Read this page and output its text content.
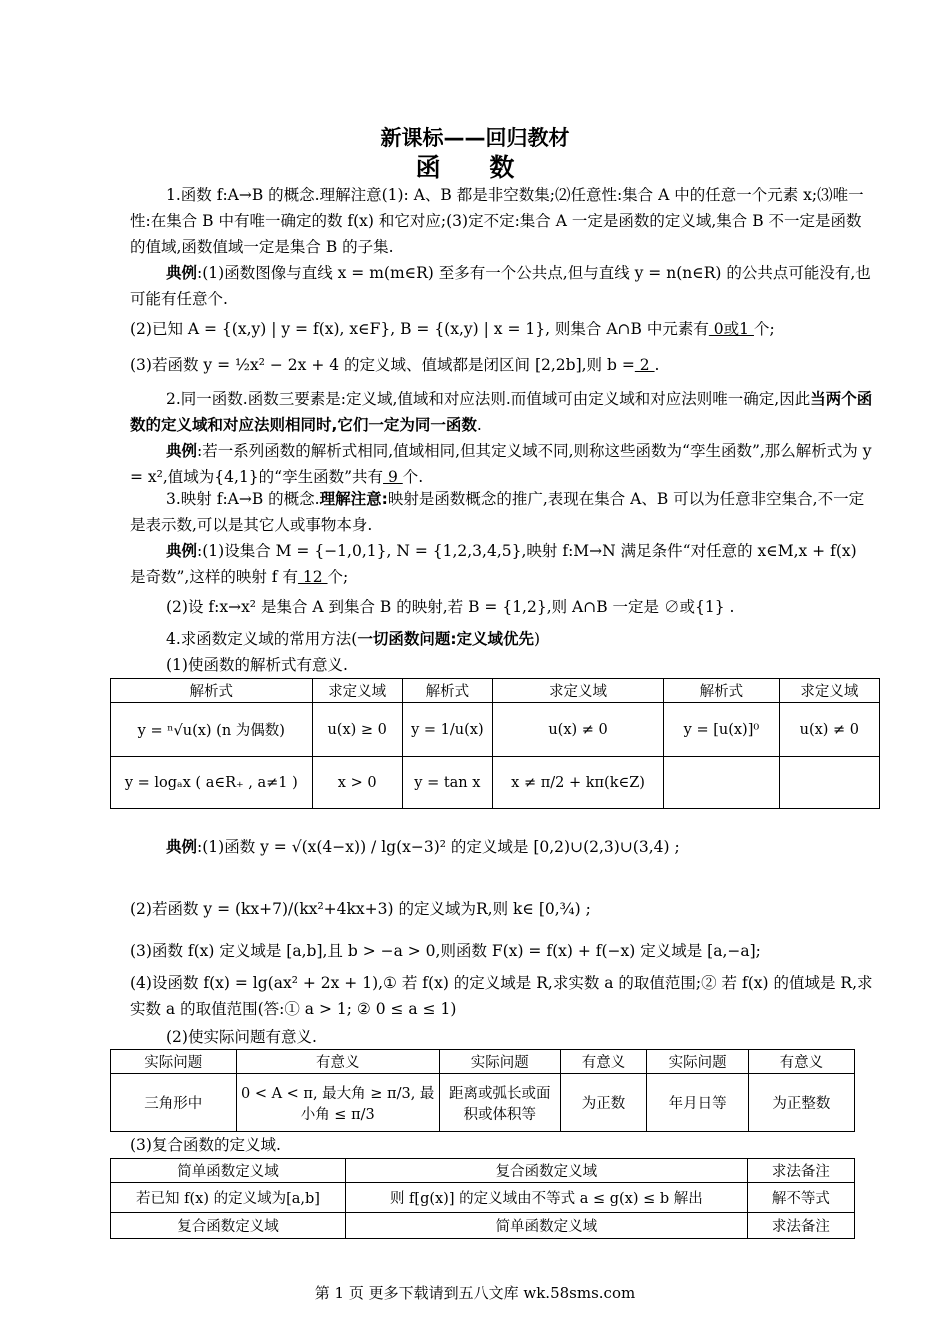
新课标——回归教材
函 数

1.函数 f:A→B 的概念.理解注意(1): A、B 都是非空数集;⑵任意性:集合 A 中的任意一个元素 x;⑶唯一性:在集合 B 中有唯一确定的数 f(x) 和它对应;(3)定不定:集合 A 一定是函数的定义域,集合 B 不一定是函数的值域,函数值域一定是集合 B 的子集.

典例:(1)函数图像与直线 x = m(m∈R) 至多有一个公共点,但与直线 y = n(n∈R) 的公共点可能没有,也可能有任意个.

(2)已知 A = {(x,y) | y = f(x), x∈F}, B = {(x,y) | x = 1}, 则集合 A∩B 中元素有 0或1 个;

(3)若函数 y = ½x² − 2x + 4 的定义域、值域都是闭区间 [2,2b],则 b = 2 .

2.同一函数.函数三要素是:定义域,值域和对应法则.而值域可由定义域和对应法则唯一确定,因此当两个函数的定义域和对应法则相同时,它们一定为同一函数.

典例:若一系列函数的解析式相同,值域相同,但其定义域不同,则称这些函数为“孪生函数”,那么解析式为 y = x²,值域为{4,1}的“孪生函数”共有 9 个.

3.映射 f:A→B 的概念.理解注意:映射是函数概念的推广,表现在集合 A、B 可以为任意非空集合,不一定是表示数,可以是其它人或事物本身.

典例:(1)设集合 M = {−1,0,1}, N = {1,2,3,4,5},映射 f:M→N 满足条件“对任意的 x∈M,x + f(x) 是奇数”,这样的映射 f 有 12 个;

(2)设 f:x→x² 是集合 A 到集合 B 的映射,若 B = {1,2},则 A∩B 一定是 ∅或{1} .

4.求函数定义域的常用方法(一切函数问题:定义域优先)
(1)使函数的解析式有意义.
解析式	求定义域	解析式	求定义域	解析式	求定义域
y = ⁿ√u(x) (n 为偶数)	u(x) ≥ 0	y = 1/u(x)	u(x) ≠ 0	y = [u(x)]⁰	u(x) ≠ 0
y = logₐx ( a∈R₊ , a≠1 )	x > 0	y = tan x	x ≠ π/2 + kπ(k∈Z)		
典例:(1)函数 y = √(x(4−x)) / lg(x−3)² 的定义域是 [0,2)∪(2,3)∪(3,4) ;
(2)若函数 y = (kx+7)/(kx²+4kx+3) 的定义域为R,则 k∈ [0,¾) ;
(3)函数 f(x) 定义域是 [a,b],且 b > −a > 0,则函数 F(x) = f(x) + f(−x) 定义域是 [a,−a];

(4)设函数 f(x) = lg(ax² + 2x + 1),① 若 f(x) 的定义域是 R,求实数 a 的取值范围;② 若 f(x) 的值域是 R,求实数 a 的取值范围(答:① a > 1; ② 0 ≤ a ≤ 1)

(2)使实际问题有意义.
实际问题	有意义	实际问题	有意义	实际问题	有意义
三角形中	0 < A < π, 最大角 ≥ π/3, 最小角 ≤ π/3	距离或弧长或面积或体积等	为正数	年月日等	为正整数
(3)复合函数的定义域.
简单函数定义域	复合函数定义域	求法备注
若已知 f(x) 的定义域为[a,b]	则 f[g(x)] 的定义域由不等式 a ≤ g(x) ≤ b 解出	解不等式
复合函数定义域	简单函数定义域	求法备注
第 1 页 更多下载请到五八文库 wk.58sms.com
